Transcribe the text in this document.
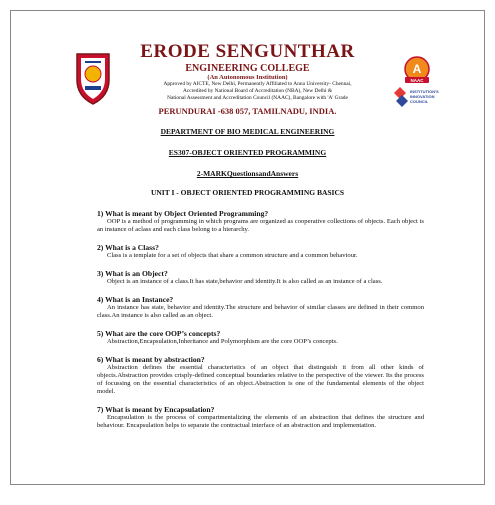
A
NAAC
INSTITUTION'S
INNOVATION
COUNCIL
ERODE SENGUNTHAR
ENGINEERING COLLEGE
(An Autonomous Institution)
Approved by AICTE, New Delhi, Permanently Affiliated to Anna University- Chennai,
Accredited by National Board of Accreditation (NBA), New Delhi &
National Assessment and Accreditation Council (NAAC), Bangalore with 'A' Grade
PERUNDURAI -638 057, TAMILNADU, INDIA.
DEPARTMENT OF BIO MEDICAL ENGINEERING
ES307-OBJECT ORIENTED PROGRAMMING
2-MARKQuestionsandAnswers
UNIT I - OBJECT ORIENTED PROGRAMMING BASICS
1) What is meant by Object Oriented Programming?
OOP is a method of programming in which programs are organized as cooperative collections of objects. Each object is an instance of aclass and each class belong to a hierarchy.
2) What is a Class?
Class is a template for a set of objects that share a common structure and a common behaviour.
3) What is an Object?
Object is an instance of a class.It has state,behavior and identity.It is also called as an instance of a class.
4) What is an Instance?
An instance has state, behavior and identity.The structure and behavior of similar classes are defined in their common class.An instance is also called as an object.
5) What are the core OOP’s concepts?
Abstraction,Encapsulation,Inheritance and Polymorphism are the core OOP’s concepts.
6) What is meant by abstraction?
Abstraction defines the essential characteristics of an object that distinguish it from all other kinds of objects.Abstraction provides crisply-defined conceptual boundaries relative to the perspective of the viewer. Its the process of focussing on the essential characteristics of an object.Abstraction is one of the fundamental elements of the object model.
7) What is meant by Encapsulation?
Encapsulation is the process of compartmentalizing the elements of an abstraction that defines the structure and behaviour. Encapsulation helps to separate the contractual interface of an abstraction and implementation.
